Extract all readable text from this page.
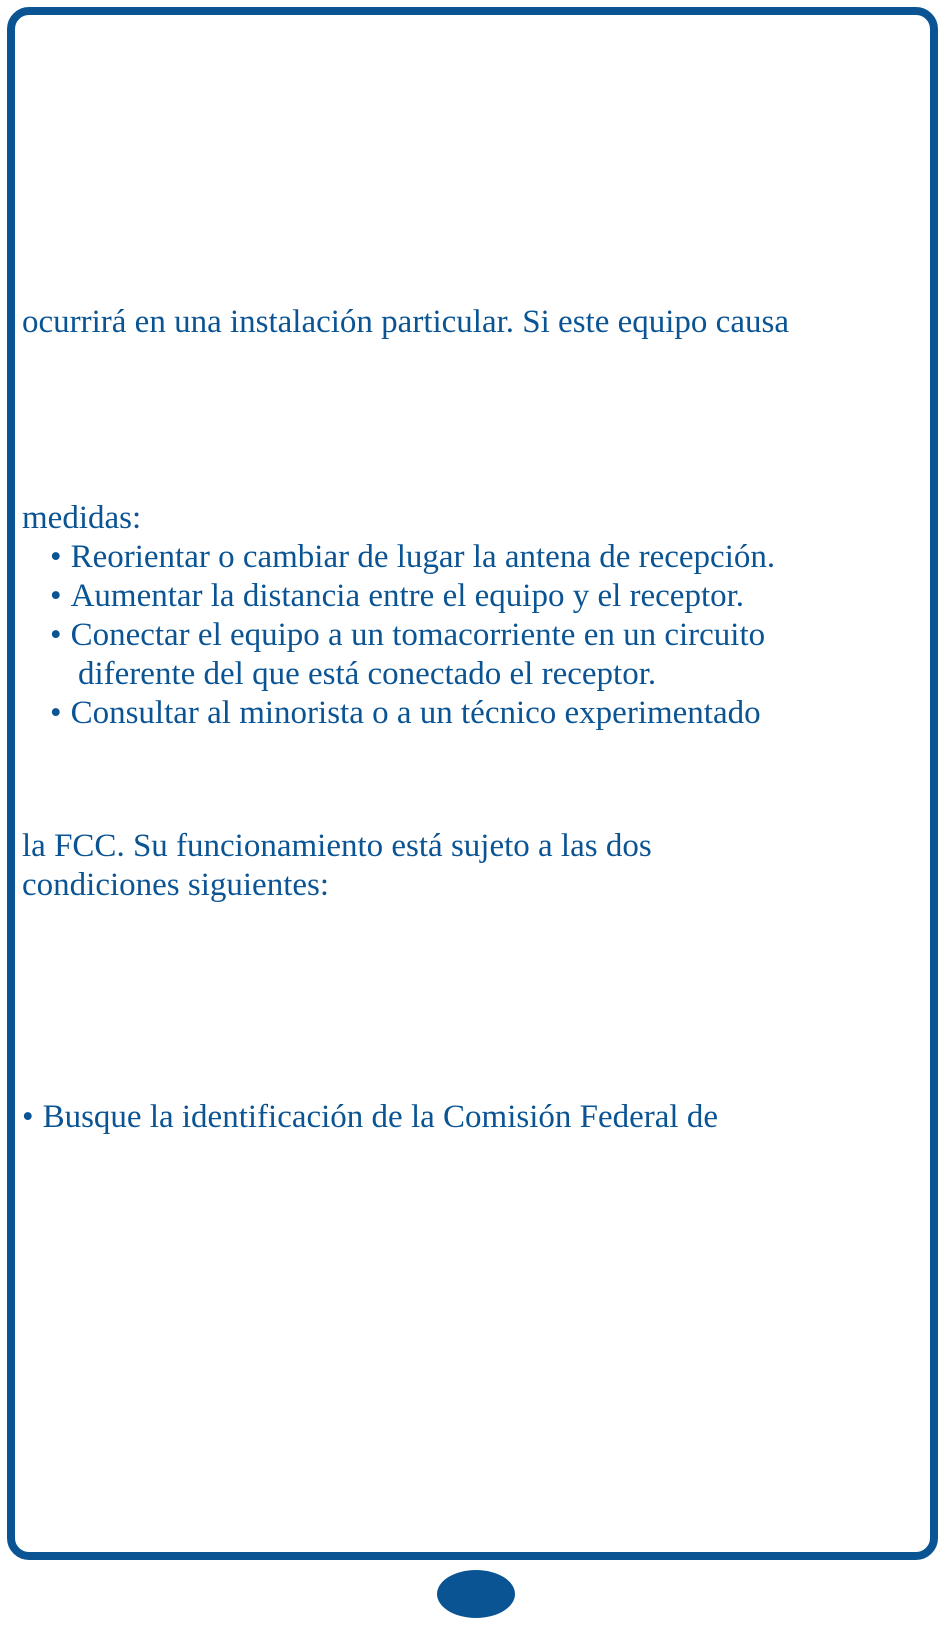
ocurrirá en una instalación particular. Si este equipo causa

medidas:

• Reorientar o cambiar de lugar la antena de recepción.

• Aumentar la distancia entre el equipo y el receptor.

• Conectar el equipo a un tomacorriente en un circuito

diferente del que está conectado el receptor.

• Consultar al minorista o a un técnico experimentado

la FCC. Su funcionamiento está sujeto a las dos

condiciones siguientes:

• Busque la identificación de la Comisión Federal de
